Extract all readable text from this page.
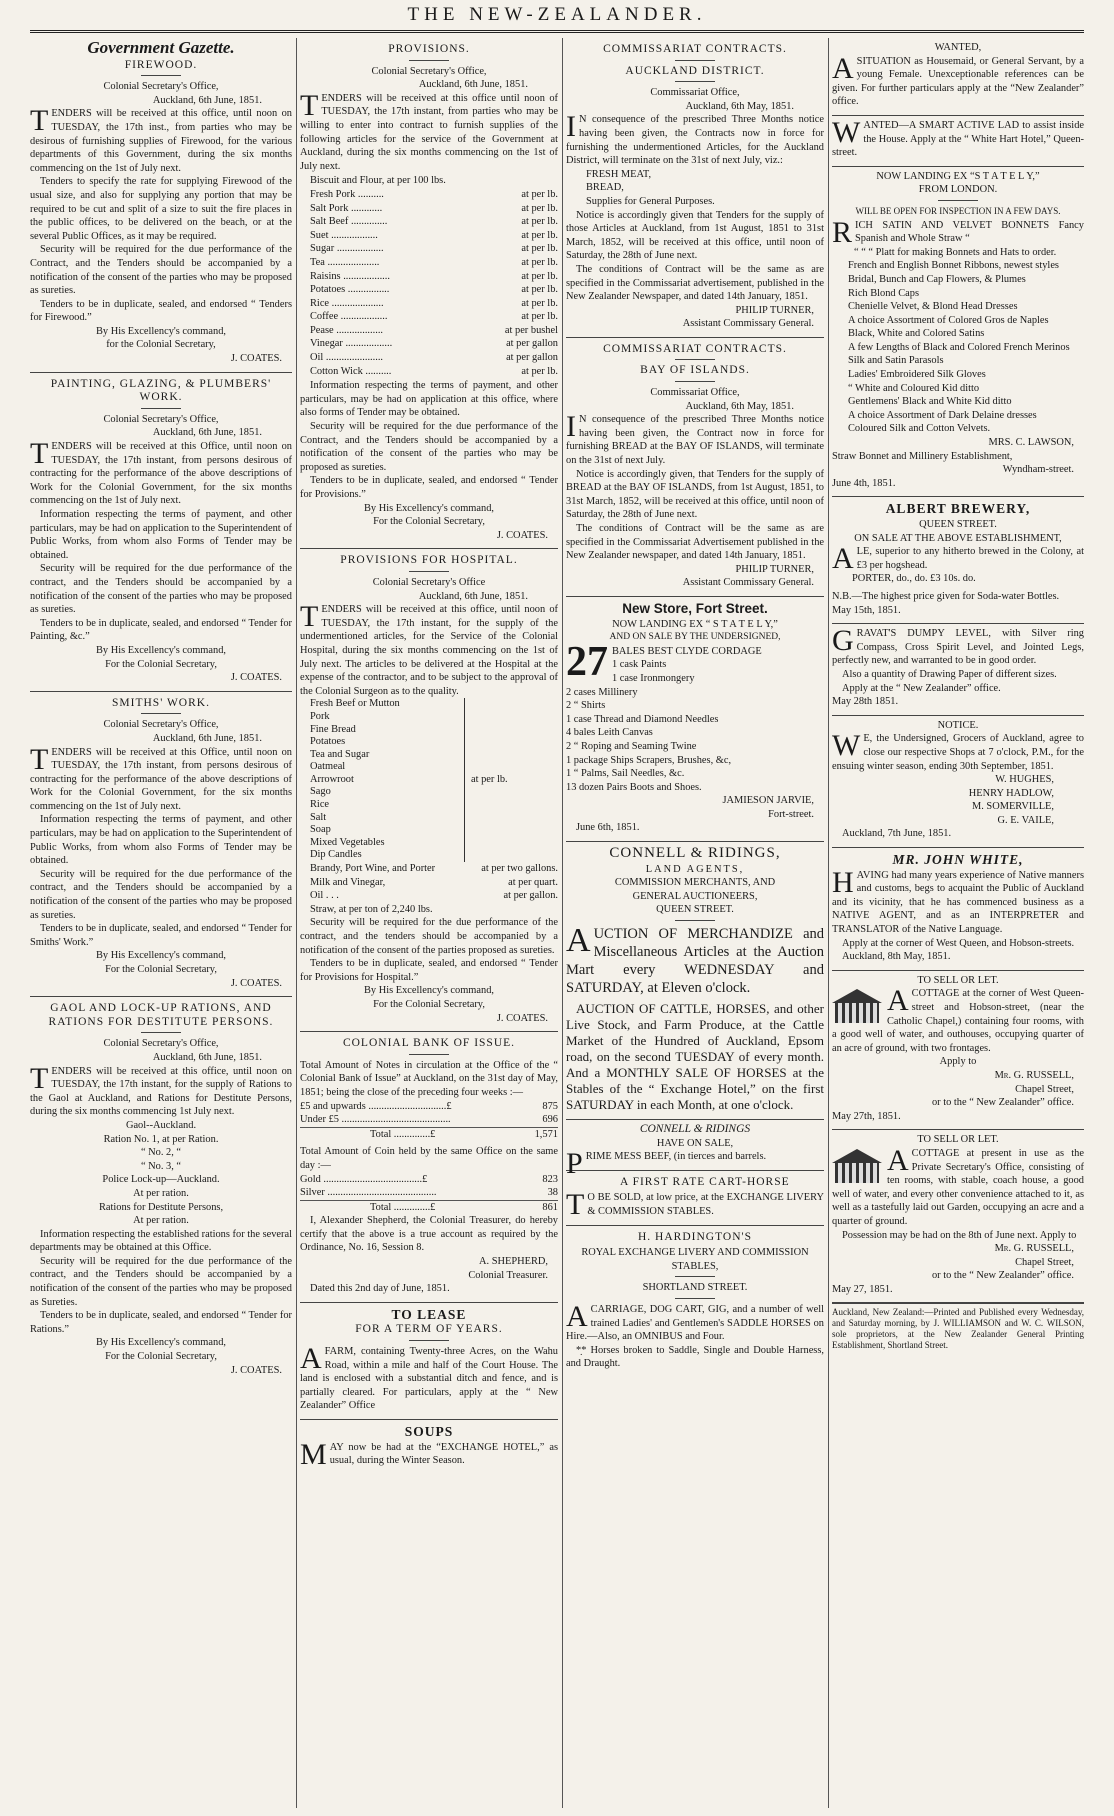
THE NEW-ZEALANDER.
Government Gazette.
FIREWOOD.
Colonial Secretary's Office,
Auckland, 6th June, 1851.

TENDERS will be received at this office, until noon on TUESDAY, the 17th inst., from parties who may be desirous of furnishing supplies of Firewood, for the various departments of this Government, during the six months commencing on the 1st of July next.

Tenders to specify the rate for supplying Firewood of the usual size, and also for supplying any portion that may be required to be cut and split of a size to suit the fire places in the public offices, to be delivered on the beach, or at the several Public Offices, as it may be required.

Security will be required for the due performance of the Contract, and the Tenders should be accompanied by a notification of the consent of the parties who may be proposed as sureties.

Tenders to be in duplicate, sealed, and endorsed “ Tenders for Firewood.”

By His Excellency's command,
for the Colonial Secretary,
J. COATES.
PAINTING, GLAZING, & PLUMBERS' WORK.
Colonial Secretary's Office,
Auckland, 6th June, 1851.

TENDERS will be received at this Office, until noon on TUESDAY, the 17th instant, from persons desirous of contracting for the performance of the above descriptions of Work for the Colonial Government, for the six months commencing on the 1st of July next.

Information respecting the terms of payment, and other particulars, may be had on application to the Superintendent of Public Works, from whom also Forms of Tender may be obtained.

Security will be required for the due performance of the contract, and the Tenders should be accompanied by a notification of the consent of the parties who may be proposed as sureties.

Tenders to be in duplicate, sealed, and endorsed “ Tender for Painting, &c.”

By His Excellency's command,
For the Colonial Secretary,
J. COATES.
SMITHS' WORK.
Colonial Secretary's Office,
Auckland, 6th June, 1851.

TENDERS will be received at this Office, until noon on TUESDAY, the 17th instant, from persons desirous of contracting for the performance of the above descriptions of Work for the Colonial Government, for the six months commencing on the 1st of July next.

Information respecting the terms of payment, and other particulars, may be had on application to the Superintendent of Public Works, from whom also Forms of Tender may be obtained.

Security will be required for the due performance of the contract, and the Tenders should be accompanied by a notification of the consent of the parties who may be proposed as sureties.

Tenders to be in duplicate, sealed, and endorsed “ Tender for Smiths' Work.”

By His Excellency's command,
For the Colonial Secretary,
J. COATES.
GAOL AND LOCK-UP RATIONS, AND RATIONS FOR DESTITUTE PERSONS.
Colonial Secretary's Office,
Auckland, 6th June, 1851.

TENDERS will be received at this office, until noon on TUESDAY, the 17th instant, for the supply of Rations to the Gaol at Auckland, and Rations for Destitute Persons, during the six months commencing 1st July next.

Gaol--Auckland.
Ration No. 1, at per Ration.
“ No. 2, “
“ No. 3, “
Police Lock-up—Auckland.
At per ration.
Rations for Destitute Persons,
At per ration.

Information respecting the established rations for the several departments may be obtained at this Office.

Security will be required for the due performance of the contract, and the Tenders should be accompanied by a notification of the consent of the parties who may be proposed as Sureties.

Tenders to be in duplicate, sealed, and endorsed “ Tender for Rations.”

By His Excellency's command,
For the Colonial Secretary,
J. COATES.
PROVISIONS.
Colonial Secretary's Office,
Auckland, 6th June, 1851.

TENDERS will be received at this office until noon of TUESDAY, the 17th instant, from parties who may be willing to enter into contract to furnish supplies of the following articles for the service of the Government at Auckland, during the six months commencing on the 1st of July next.

Biscuit and Flour, at per 100 lbs.
Fresh Pork ..........	at per lb.
Salt Pork ............	at per lb.
Salt Beef ..............	at per lb.
Suet ..................	at per lb.
Sugar ..................	at per lb.
Tea ....................	at per lb.
Raisins ..................	at per lb.
Potatoes ................	at per lb.
Rice ....................	at per lb.
Coffee ..................	at per lb.
Pease ..................	at per bushel
Vinegar ..................	at per gallon
Oil ......................	at per gallon
Cotton Wick ..........	at per lb.

Information respecting the terms of payment, and other particulars, may be had on application at this office, where also forms of Tender may be obtained.

Security will be required for the due performance of the Contract, and the Tenders should be accompanied by a notification of the consent of the parties who may be proposed as sureties.

Tenders to be in duplicate, sealed, and endorsed “ Tender for Provisions.”

By His Excellency's command,
For the Colonial Secretary,
J. COATES.
PROVISIONS FOR HOSPITAL.
Colonial Secretary's Office
Auckland, 6th June, 1851.

TENDERS will be received at this office, until noon of TUESDAY, the 17th instant, for the supply of the undermentioned articles, for the Service of the Colonial Hospital, during the six months commencing on the 1st of July next. The articles to be delivered at the Hospital at the expense of the contractor, and to be subject to the approval of the Colonial Surgeon as to the quality.

Fresh Beef or Mutton
Pork
Fine Bread
Potatoes
Tea and Sugar
Oatmeal
Arrowroot
Sago
Rice
Salt
Soap
Mixed Vegetables
Dip Candles
at per lb.
Brandy, Port Wine, and Porter	at per two gallons.
Milk and Vinegar,	at per quart.
Oil . . .	at per gallon.
Straw, at per ton of 2,240 lbs.

Security will be required for the due performance of the contract, and the tenders should be accompanied by a notification of the consent of the parties proposed as sureties.

Tenders to be in duplicate, sealed, and endorsed “ Tender for Provisions for Hospital.”

By His Excellency's command,
For the Colonial Secretary,
J. COATES.
COLONIAL BANK OF ISSUE.

Total Amount of Notes in circulation at the Office of the “ Colonial Bank of Issue” at Auckland, on the 31st day of May, 1851; being the close of the preceding four weeks :—

£5 and upwards ..............................£	875
Under £5 ..........................................	696
Total ..............£	1,571

Total Amount of Coin held by the same Office on the same day :—

Gold ......................................£	823
Silver ..........................................	38
Total ..............£	861

I, Alexander Shepherd, the Colonial Treasurer, do hereby certify that the above is a true account as required by the Ordinance, No. 16, Session 8.

A. SHEPHERD,
Colonial Treasurer.
Dated this 2nd day of June, 1851.
TO LEASE
FOR A TERM OF YEARS.

AFARM, containing Twenty-three Acres, on the Wahu Road, within a mile and half of the Court House. The land is enclosed with a substantial ditch and fence, and is partially cleared. For particulars, apply at the “ New Zealander” Office

SOUPS

MAY now be had at the “EXCHANGE HOTEL,” as usual, during the Winter Season.

COMMISSARIAT CONTRACTS.
AUCKLAND DISTRICT.
Commissariat Office,
Auckland, 6th May, 1851.

I N consequence of the prescribed Three Months notice having been given, the Contracts now in force for furnishing the undermentioned Articles, for the Auckland District, will terminate on the 31st of next July, viz.:

FRESH MEAT,
BREAD,
Supplies for General Purposes.

Notice is accordingly given that Tenders for the supply of those Articles at Auckland, from 1st August, 1851 to 31st March, 1852, will be received at this office, until noon of Saturday, the 28th of June next.

The conditions of Contract will be the same as are specified in the Commissariat advertisement, published in the New Zealander Newspaper, and dated 14th January, 1851.

PHILIP TURNER,
Assistant Commissary General.
COMMISSARIAT CONTRACTS.
BAY OF ISLANDS.
Commissariat Office,
Auckland, 6th May, 1851.

I N consequence of the prescribed Three Months notice having been given, the Contract now in force for furnishing BREAD at the BAY OF ISLANDS, will terminate on the 31st of next July.

Notice is accordingly given, that Tenders for the supply of BREAD at the BAY OF ISLANDS, from 1st August, 1851, to 31st March, 1852, will be received at this office, until noon of Saturday, the 28th of June next.

The conditions of Contract will be the same as are specified in the Commissariat Advertisement published in the New Zealander newspaper, and dated 14th January, 1851.

PHILIP TURNER,
Assistant Commissary General.
New Store, Fort Street.
NOW LANDING EX “ S T A T E L Y,”
AND ON SALE BY THE UNDERSIGNED,
27 BALES BEST CLYDE CORDAGE
1 cask Paints
1 case Ironmongery
2 cases Millinery
2 “ Shirts
1 case Thread and Diamond Needles
4 bales Leith Canvas
2 “ Roping and Seaming Twine
1 package Ships Scrapers, Brushes, &c,
1 “ Palms, Sail Needles, &c.
13 dozen Pairs Boots and Shoes.
JAMIESON JARVIE,
Fort-street.
June 6th, 1851.
CONNELL & RIDINGS,
LAND AGENTS,
COMMISSION MERCHANTS, AND
GENERAL AUCTIONEERS,
QUEEN STREET.

AUCTION OF MERCHANDIZE and Miscellaneous Articles at the Auction Mart every WEDNESDAY and SATURDAY, at Eleven o'clock.

AUCTION OF CATTLE, HORSES, and other Live Stock, and Farm Produce, at the Cattle Market of the Hundred of Auckland, Epsom road, on the second TUESDAY of every month. And a MONTHLY SALE OF HORSES at the Stables of the “ Exchange Hotel,” on the first SATURDAY in each Month, at one o'clock.

CONNELL & RIDINGS
HAVE ON SALE,

PRIME MESS BEEF, (in tierces and barrels.

A FIRST RATE CART-HORSE

T O BE SOLD, at low price, at the EXCHANGE LIVERY & COMMISSION STABLES.

H. HARDINGTON'S
ROYAL EXCHANGE LIVERY AND COMMISSION STABLES,
SHORTLAND STREET.

ACARRIAGE, DOG CART, GIG, and a number of well trained Ladies' and Gentlemen's SADDLE HORSES on Hire.—Also, an OMNIBUS and Four.

*̣* Horses broken to Saddle, Single and Double Harness, and Draught.

WANTED,

ASITUATION as Housemaid, or General Servant, by a young Female. Unexceptionable references can be given. For further particulars apply at the “New Zealander” office.

WANTED—A SMART ACTIVE LAD to assist inside the House. Apply at the “ White Hart Hotel,” Queen-street.

NOW LANDING EX “S T A T E L Y,”
FROM LONDON.
WILL BE OPEN FOR INSPECTION IN A FEW DAYS.

RICH SATIN AND VELVET BONNETS Fancy Spanish and Whole Straw “

“ “ “ Platt for making Bonnets and Hats to order.
French and English Bonnet Ribbons, newest styles
Bridal, Bunch and Cap Flowers, & Plumes
Rich Blond Caps
Chenielle Velvet, & Blond Head Dresses
A choice Assortment of Colored Gros de Naples
Black, White and Colored Satins
A few Lengths of Black and Colored French Merinos
Silk and Satin Parasols
Ladies' Embroidered Silk Gloves
“ White and Coloured Kid ditto
Gentlemens' Black and White Kid ditto
A choice Assortment of Dark Delaine dresses
Coloured Silk and Cotton Velvets.
MRS. C. LAWSON,
Straw Bonnet and Millinery Establishment,
Wyndham-street.
June 4th, 1851.
ALBERT BREWERY,
QUEEN STREET.
ON SALE AT THE ABOVE ESTABLISHMENT,

ALE, superior to any hitherto brewed in the Colony, at £3 per hogshead.

PORTER, do., do. £3 10s. do.
N.B.—The highest price given for Soda-water Bottles.
May 15th, 1851.

GRAVAT'S DUMPY LEVEL, with Silver ring Compass, Cross Spirit Level, and Jointed Legs, perfectly new, and warranted to be in good order.

Also a quantity of Drawing Paper of different sizes.

Apply at the “ New Zealander” office.

May 28th 1851.
NOTICE.

W E, the Undersigned, Grocers of Auckland, agree to close our respective Shops at 7 o'clock, P.M., for the ensuing winter season, ending 30th September, 1851.

W. HUGHES,
HENRY HADLOW,
M. SOMERVILLE,
G. E. VAILE,
Auckland, 7th June, 1851.
MR. JOHN WHITE,

HAVING had many years experience of Native manners and customs, begs to acquaint the Public of Auckland and its vicinity, that he has commenced business as a NATIVE AGENT, and as an INTERPRETER and TRANSLATOR of the Native Language.

Apply at the corner of West Queen, and Hobson-streets.

Auckland, 8th May, 1851.
TO SELL OR LET.

ACOTTAGE at the corner of West Queen-street and Hobson-street, (near the Catholic Chapel,) containing four rooms, with a good well of water, and outhouses, occupying quarter of an acre of ground, with two frontages.

Apply to
Mr. G. RUSSELL,
Chapel Street,
or to the “ New Zealander” office.
May 27th, 1851.
TO SELL OR LET.

ACOTTAGE at present in use as the Private Secretary's Office, consisting of ten rooms, with stable, coach house, a good well of water, and every other convenience attached to it, as well as a tastefully laid out Garden, occupying an acre and a quarter of ground.

Possession may be had on the 8th of June next. Apply to

Mr. G. RUSSELL,
Chapel Street,
or to the “ New Zealander” office.
May 27, 1851.

Auckland, New Zealand:—Printed and Published every Wednesday, and Saturday morning, by J. WILLIAMSON and W. C. WILSON, sole proprietors, at the New Zealander General Printing Establishment, Shortland Street.
